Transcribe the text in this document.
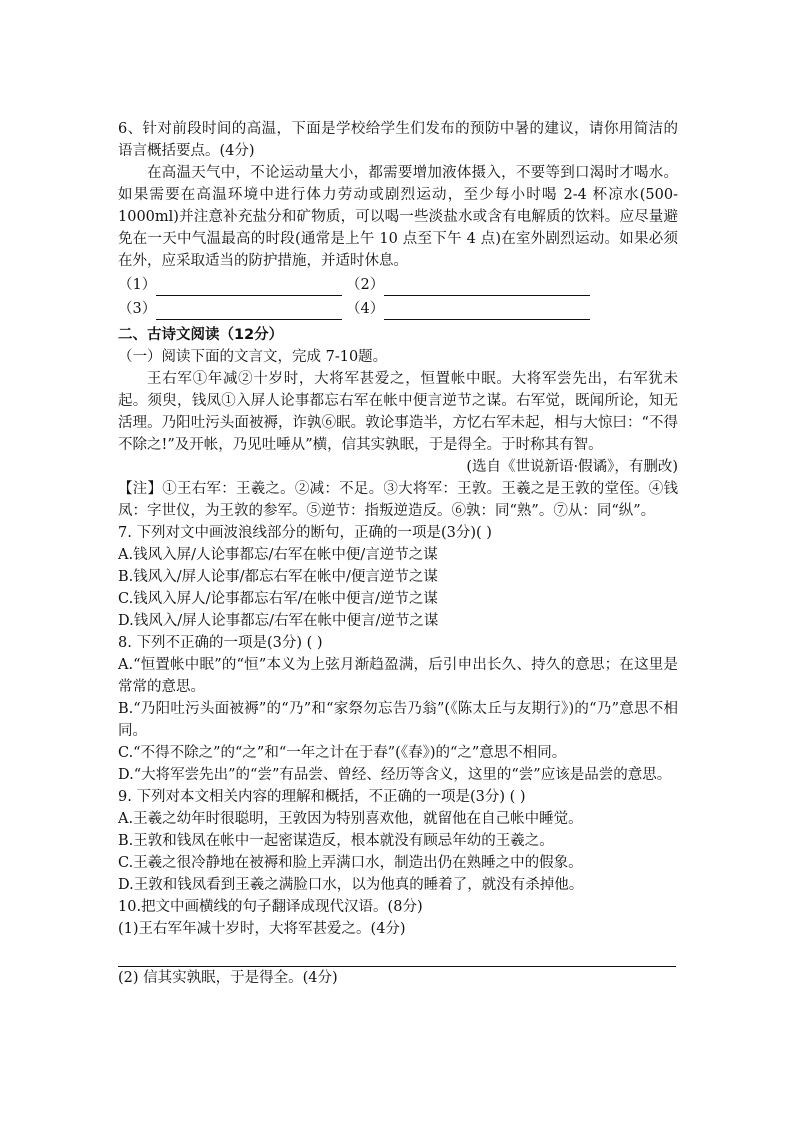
6、针对前段时间的高温，下面是学校给学生们发布的预防中暑的建议，请你用简洁的语言概括要点。(4分)
在高温天气中，不论运动量大小，都需要增加液体摄入，不要等到口渴时才喝水。如果需要在高温环境中进行体力劳动或剧烈运动，至少每小时喝 2-4 杯凉水(500-1000ml)并注意补充盐分和矿物质，可以喝一些淡盐水或含有电解质的饮料。应尽量避免在一天中气温最高的时段(通常是上午 10 点至下午 4 点)在室外剧烈运动。如果必须在外，应采取适当的防护措施，并适时休息。
（1）	（2）
（3）	（4）
二、古诗文阅读（12分）
（一）阅读下面的文言文，完成 7-10题。
王右军①年减②十岁时，大将军甚爱之，恒置帐中眠。大将军尝先出，右军犹未起。须臾，钱凤①入屏人论事都忘右军在帐中便言逆节之谋。右军觉，既闻所论，知无活理。乃阳吐污头面被褥，诈孰⑥眠。敦论事造半，方忆右军未起，相与大惊曰：“不得不除之!”及开帐，乃见吐唾从”横，信其实孰眠，于是得全。于时称其有智。
(选自《世说新语·假谲》，有删改)
【注】①王右军：王羲之。②减：不足。③大将军：王敦。王羲之是王敦的堂侄。④钱凤：字世仪，为王敦的参军。⑤逆节：指叛逆造反。⑥孰：同“熟”。⑦从：同“纵”。
7. 下列对文中画波浪线部分的断句，正确的一项是(3分)( )
A.钱风入屏/人论事都忘/右军在帐中便/言逆节之谋
B.钱风入/屏人论事/都忘右军在帐中/便言逆节之谋
C.钱风入屏人/论事都忘右军/在帐中便言/逆节之谋
D.钱风入/屏人论事都忘/右军在帐中便言/逆节之谋
8. 下列不正确的一项是(3分) ( )
A.“恒置帐中眠”的“恒”本义为上弦月渐趋盈满，后引申出长久、持久的意思；在这里是常常的意思。
B.“乃阳吐污头面被褥”的“乃”和“家祭勿忘告乃翁”(《陈太丘与友期行》)的“乃”意思不相同。
C.“不得不除之”的“之”和“一年之计在于春”(《春》)的“之”意思不相同。
D.“大将军尝先出”的“尝”有品尝、曾经、经历等含义，这里的“尝”应该是品尝的意思。
9. 下列对本文相关内容的理解和概括，不正确的一项是(3分) ( )
A.王羲之幼年时很聪明，王敦因为特别喜欢他，就留他在自己帐中睡觉。
B.王敦和钱凤在帐中一起密谋造反，根本就没有顾忌年幼的王羲之。
C.王羲之很冷静地在被褥和脸上弄满口水，制造出仍在熟睡之中的假象。
D.王敦和钱凤看到王羲之满脸口水，以为他真的睡着了，就没有杀掉他。
10.把文中画横线的句子翻译成现代汉语。(8分)
(1)王右军年减十岁时，大将军甚爱之。(4分)
(2) 信其实孰眠，于是得全。(4分)
